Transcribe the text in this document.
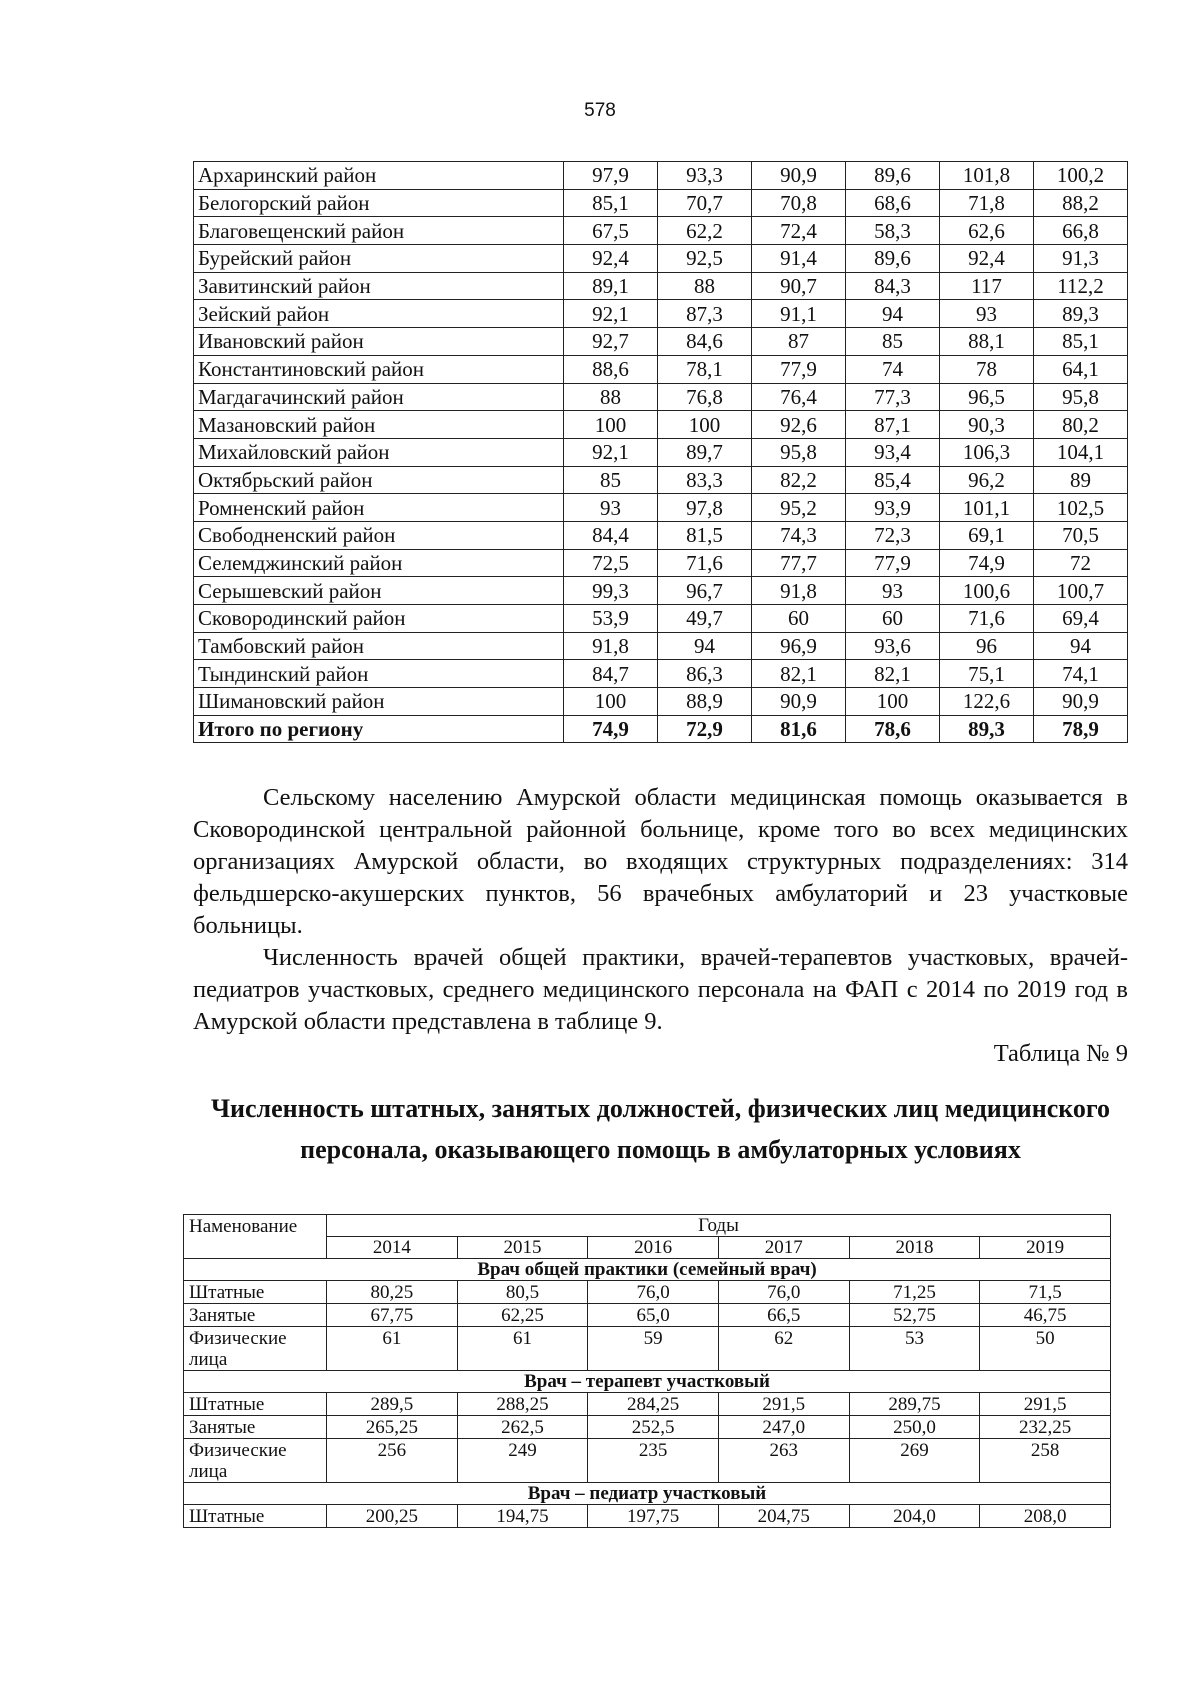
578
Архаринский район	97,9	93,3	90,9	89,6	101,8	100,2
Белогорский район	85,1	70,7	70,8	68,6	71,8	88,2
Благовещенский район	67,5	62,2	72,4	58,3	62,6	66,8
Бурейский район	92,4	92,5	91,4	89,6	92,4	91,3
Завитинский район	89,1	88	90,7	84,3	117	112,2
Зейский район	92,1	87,3	91,1	94	93	89,3
Ивановский район	92,7	84,6	87	85	88,1	85,1
Константиновский район	88,6	78,1	77,9	74	78	64,1
Магдагачинский район	88	76,8	76,4	77,3	96,5	95,8
Мазановский район	100	100	92,6	87,1	90,3	80,2
Михайловский район	92,1	89,7	95,8	93,4	106,3	104,1
Октябрьский район	85	83,3	82,2	85,4	96,2	89
Ромненский район	93	97,8	95,2	93,9	101,1	102,5
Свободненский район	84,4	81,5	74,3	72,3	69,1	70,5
Селемджинский район	72,5	71,6	77,7	77,9	74,9	72
Серышевский район	99,3	96,7	91,8	93	100,6	100,7
Сковородинский район	53,9	49,7	60	60	71,6	69,4
Тамбовский район	91,8	94	96,9	93,6	96	94
Тындинский район	84,7	86,3	82,1	82,1	75,1	74,1
Шимановский район	100	88,9	90,9	100	122,6	90,9
Итого по региону	74,9	72,9	81,6	78,6	89,3	78,9
Сельскому населению Амурской области медицинская помощь оказывается в Сковородинской центральной районной больнице, кроме того во всех медицинских организациях Амурской области, во входящих структурных подразделениях: 314 фельдшерско-акушерских пунктов, 56 врачебных амбулаторий и 23 участковые больницы.
Численность врачей общей практики, врачей-терапевтов участковых, врачей-педиатров участковых, среднего медицинского персонала на ФАП с 2014 по 2019 год в Амурской области представлена в таблице 9.
Таблица № 9
Численность штатных, занятых должностей, физических лиц медицинского персонала, оказывающего помощь в амбулаторных условиях
Наменование	Годы					
	2014	2015	2016	2017	2018	2019
Врач общей практики (семейный врач)						
Штатные	80,25	80,5	76,0	76,0	71,25	71,5
Занятые	67,75	62,25	65,0	66,5	52,75	46,75
Физические лица	61	61	59	62	53	50
Врач – терапевт участковый						
Штатные	289,5	288,25	284,25	291,5	289,75	291,5
Занятые	265,25	262,5	252,5	247,0	250,0	232,25
Физические лица	256	249	235	263	269	258
Врач – педиатр участковый						
Штатные	200,25	194,75	197,75	204,75	204,0	208,0
